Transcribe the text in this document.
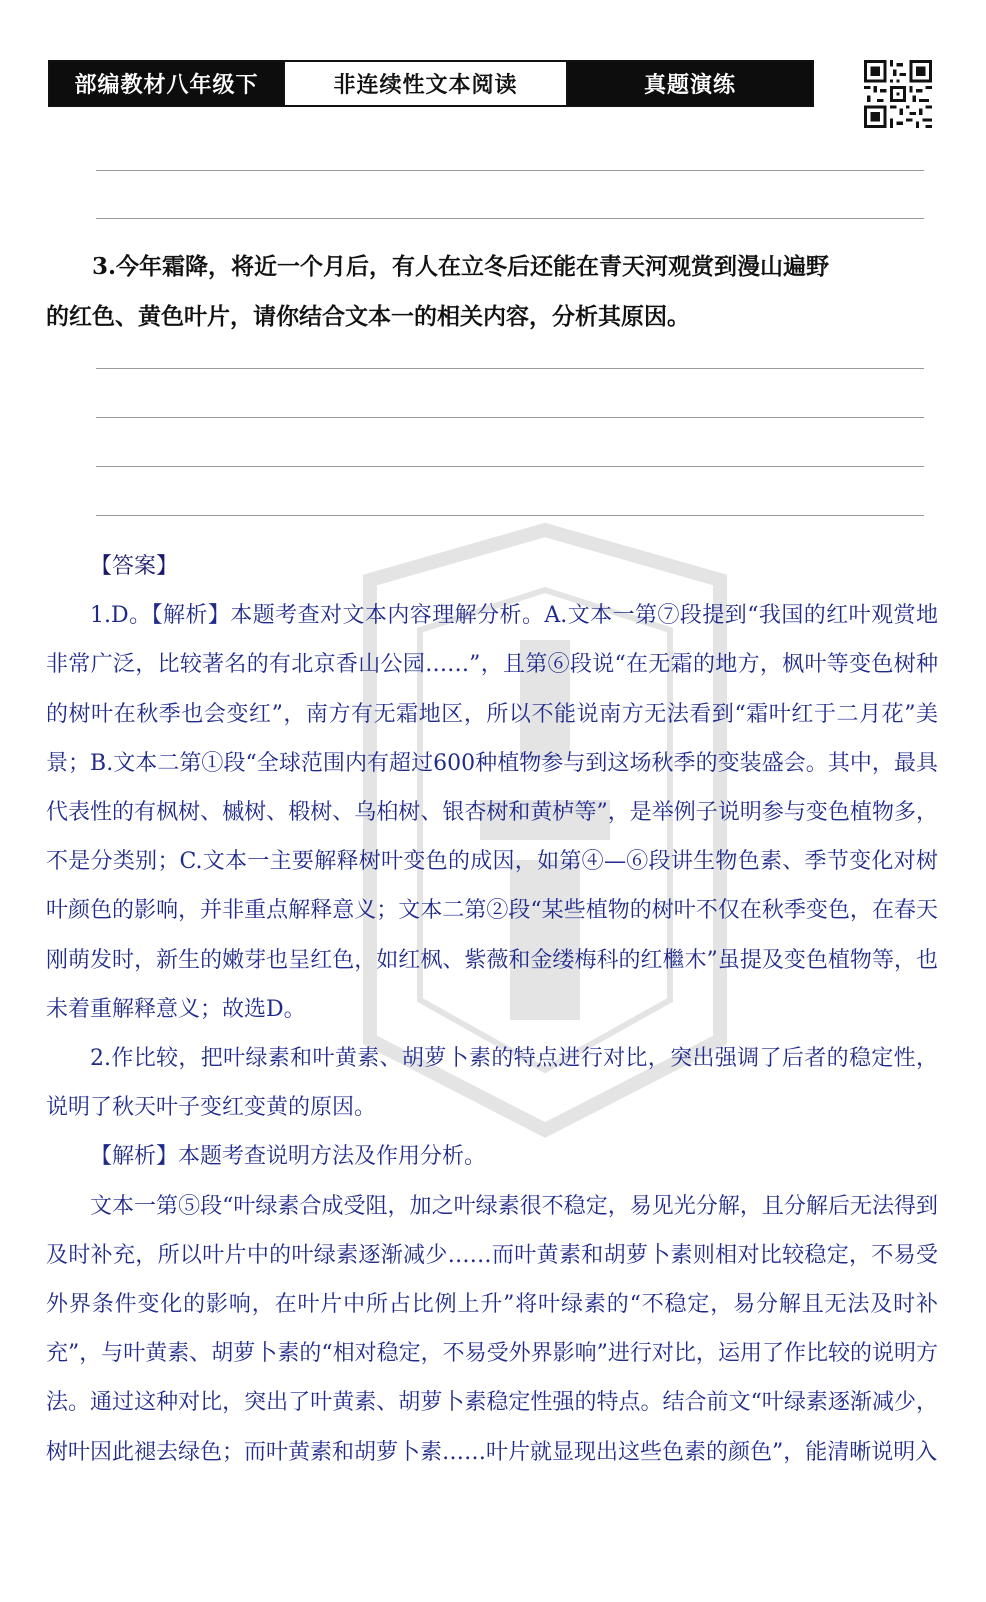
部编教材八年级下	非连续性文本阅读	真题演练

3.今年霜降，将近一个月后，有人在立冬后还能在青天河观赏到漫山遍野

的红色、黄色叶片，请你结合文本一的相关内容，分析其原因。

【答案】

1.D。【解析】本题考查对文本内容理解分析。A.文本一第⑦段提到“我国的红叶观赏地非常广泛，比较著名的有北京香山公园……”，且第⑥段说“在无霜的地方，枫叶等变色树种的树叶在秋季也会变红”，南方有无霜地区，所以不能说南方无法看到“霜叶红于二月花”美景；B.文本二第①段“全球范围内有超过600种植物参与到这场秋季的变装盛会。其中，最具代表性的有枫树、槭树、椴树、乌桕树、银杏树和黄栌等”，是举例子说明参与变色植物多，不是分类别；C.文本一主要解释树叶变色的成因，如第④—⑥段讲生物色素、季节变化对树叶颜色的影响，并非重点解释意义；文本二第②段“某些植物的树叶不仅在秋季变色，在春天刚萌发时，新生的嫩芽也呈红色，如红枫、紫薇和金缕梅科的红檵木”虽提及变色植物等，也未着重解释意义；故选D。

2.作比较，把叶绿素和叶黄素、胡萝卜素的特点进行对比，突出强调了后者的稳定性，说明了秋天叶子变红变黄的原因。

【解析】本题考查说明方法及作用分析。

文本一第⑤段“叶绿素合成受阻，加之叶绿素很不稳定，易见光分解，且分解后无法得到及时补充，所以叶片中的叶绿素逐渐减少……而叶黄素和胡萝卜素则相对比较稳定，不易受外界条件变化的影响，在叶片中所占比例上升”将叶绿素的“不稳定，易分解且无法及时补充”，与叶黄素、胡萝卜素的“相对稳定，不易受外界影响”进行对比，运用了作比较的说明方法。通过这种对比，突出了叶黄素、胡萝卜素稳定性强的特点。结合前文“叶绿素逐渐减少，树叶因此褪去绿色；而叶黄素和胡萝卜素……叶片就显现出这些色素的颜色”，能清晰说明入
